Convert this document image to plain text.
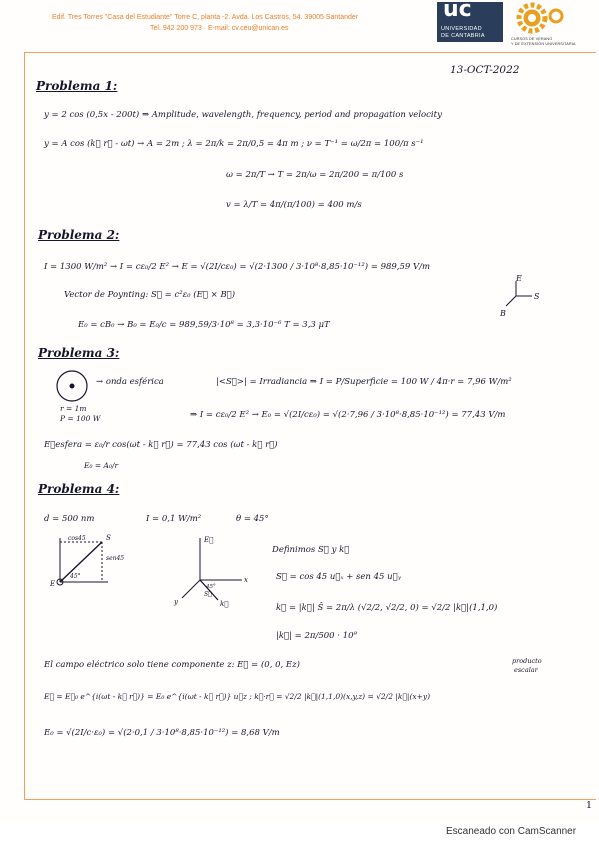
Edif. Tres Torres "Casa del Estudiante" Torre C, planta -2. Avda. Los Castros, 54. 39005 Santander
Tel. 942 200 973 · E-mail: cv.ceu@unican.es
uc
UNIVERSIDAD
DE CANTABRIA	CURSOS DE VERANO
Y DE EXTENSIÓN UNIVERSITARIA
13-OCT-2022
Problema 1:
y = 2 cos (0,5x - 200t) ⇒ Amplitude, wavelength, frequency, period and propagation velocity
y = A cos (k⃗ r⃗ - ωt) → A = 2m ; λ = 2π/k = 2π/0,5 = 4π m ; ν = T⁻¹ = ω/2π = 100/π s⁻¹
ω = 2π/T → T = 2π/ω = 2π/200 = π/100 s
v = λ/T = 4π/(π/100) = 400 m/s
Problema 2:
I = 1300 W/m² → I = cε₀/2 E² → E = √(2I/cε₀) = √(2·1300 / 3·10⁸·8,85·10⁻¹²) = 989,59 V/m
Vector de Poynting: S⃗ = c²ε₀ (E⃗ × B⃗)
E₀ = cB₀ → B₀ = E₀/c = 989,59/3·10⁸ = 3,3·10⁻⁶ T = 3,3 μT
E
S
B
Problema 3:
→ onda esférica	|<S⃗>| = Irradiancia ⇒ I = P/Superficie = 100 W / 4π·r = 7,96 W/m²
r = 1m
P = 100 W	⇒ I = cε₀/2 E² → E₀ = √(2I/cε₀) = √(2·7,96 / 3·10⁸·8,85·10⁻¹²) = 77,43 V/m
E⃗esfera = ε₀/r cos(ωt - k⃗ r⃗) = 77,43 cos (ωt - k⃗ r⃗)
E₀ = A₀/r
Problema 4:
d = 500 nm	I = 0,1 W/m²	θ = 45°
cos45
sen45
45°
E
S	E⃗
x
y	k⃗
S⃗
45°
Definimos S⃗ y k⃗
S⃗ = cos 45 u⃗ₓ + sen 45 u⃗ᵧ
k⃗ = |k⃗| Ŝ = 2π/λ (√2/2, √2/2, 0) = √2/2 |k⃗|(1,1,0)
|k⃗| = 2π/500 · 10⁹
El campo eléctrico solo tiene componente z: E⃗ = (0, 0, Ez)	producto
escalar
E⃗ = E⃗₀ e^{i(ωt - k⃗ r⃗)} = E₀ e^{i(ωt - k⃗ r⃗)} u⃗z ; k⃗·r⃗ = √2/2 |k⃗|(1,1,0)(x,y,z) = √2/2 |k⃗|(x+y)
E₀ = √(2I/c·ε₀) = √(2·0,1 / 3·10⁸·8,85·10⁻¹²) = 8,68 V/m
1
Escaneado con CamScanner
